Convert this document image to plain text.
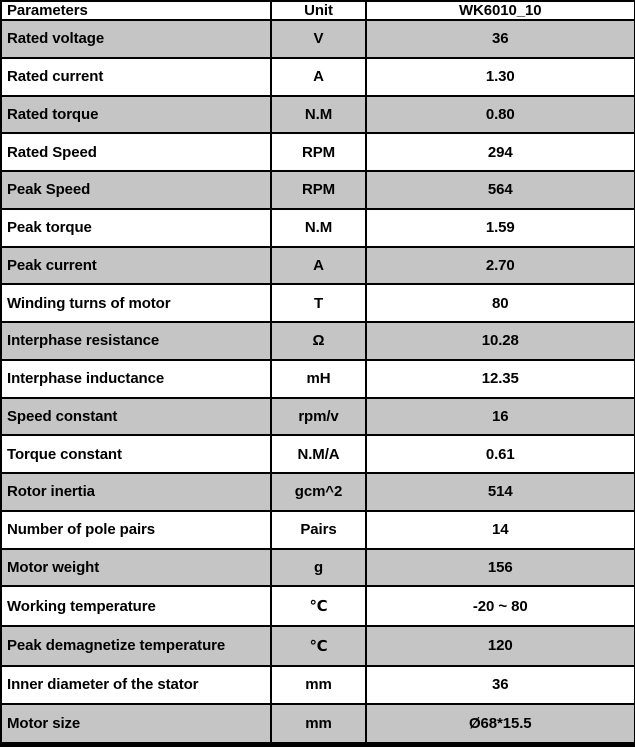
Parameters	Unit	WK6010_10
Rated voltage	V	36
Rated current	A	1.30
Rated torque	N.M	0.80
Rated Speed	RPM	294
Peak Speed	RPM	564
Peak torque	N.M	1.59
Peak current	A	2.70
Winding turns of motor	T	80
Interphase resistance	Ω	10.28
Interphase inductance	mH	12.35
Speed constant	rpm/v	16
Torque constant	N.M/A	0.61
Rotor inertia	gcm^2	514
Number of pole pairs	Pairs	14
Motor weight	g	156
Working temperature	℃	-20 ~ 80
Peak demagnetize temperature	℃	120
Inner diameter of the stator	mm	36
Motor size	mm	Ø68*15.5
